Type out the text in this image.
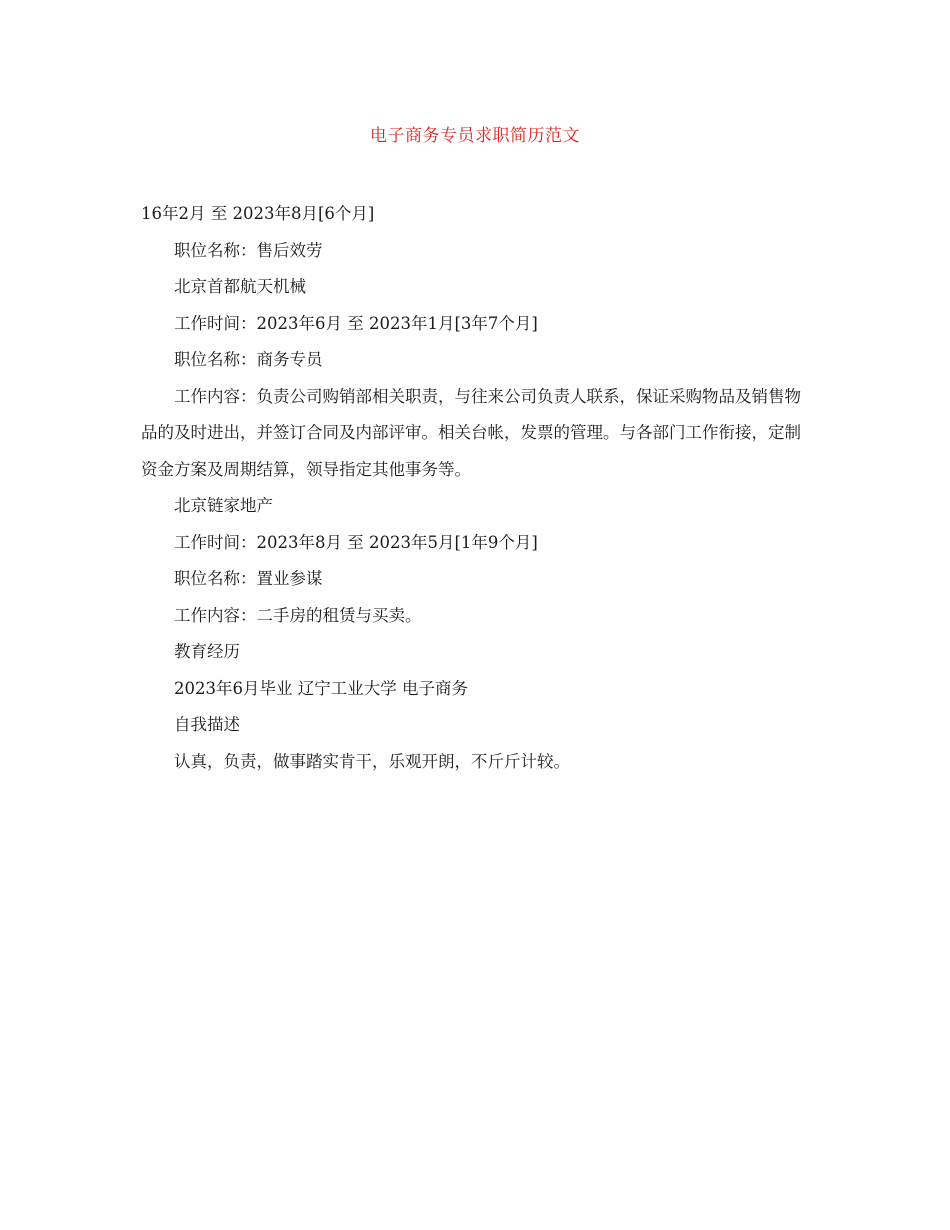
电子商务专员求职简历范文

16年2月 至 2023年8月[6个月]

职位名称：售后效劳

北京首都航天机械

工作时间：2023年6月 至 2023年1月[3年7个月]

职位名称：商务专员

工作内容：负责公司购销部相关职责，与往来公司负责人联系，保证采购物品及销售物品的及时进出，并签订合同及内部评审。相关台帐，发票的管理。与各部门工作衔接，定制资金方案及周期结算，领导指定其他事务等。

北京链家地产

工作时间：2023年8月 至 2023年5月[1年9个月]

职位名称：置业参谋

工作内容：二手房的租赁与买卖。

教育经历

2023年6月毕业 辽宁工业大学 电子商务

自我描述

认真，负责，做事踏实肯干，乐观开朗，不斤斤计较。
